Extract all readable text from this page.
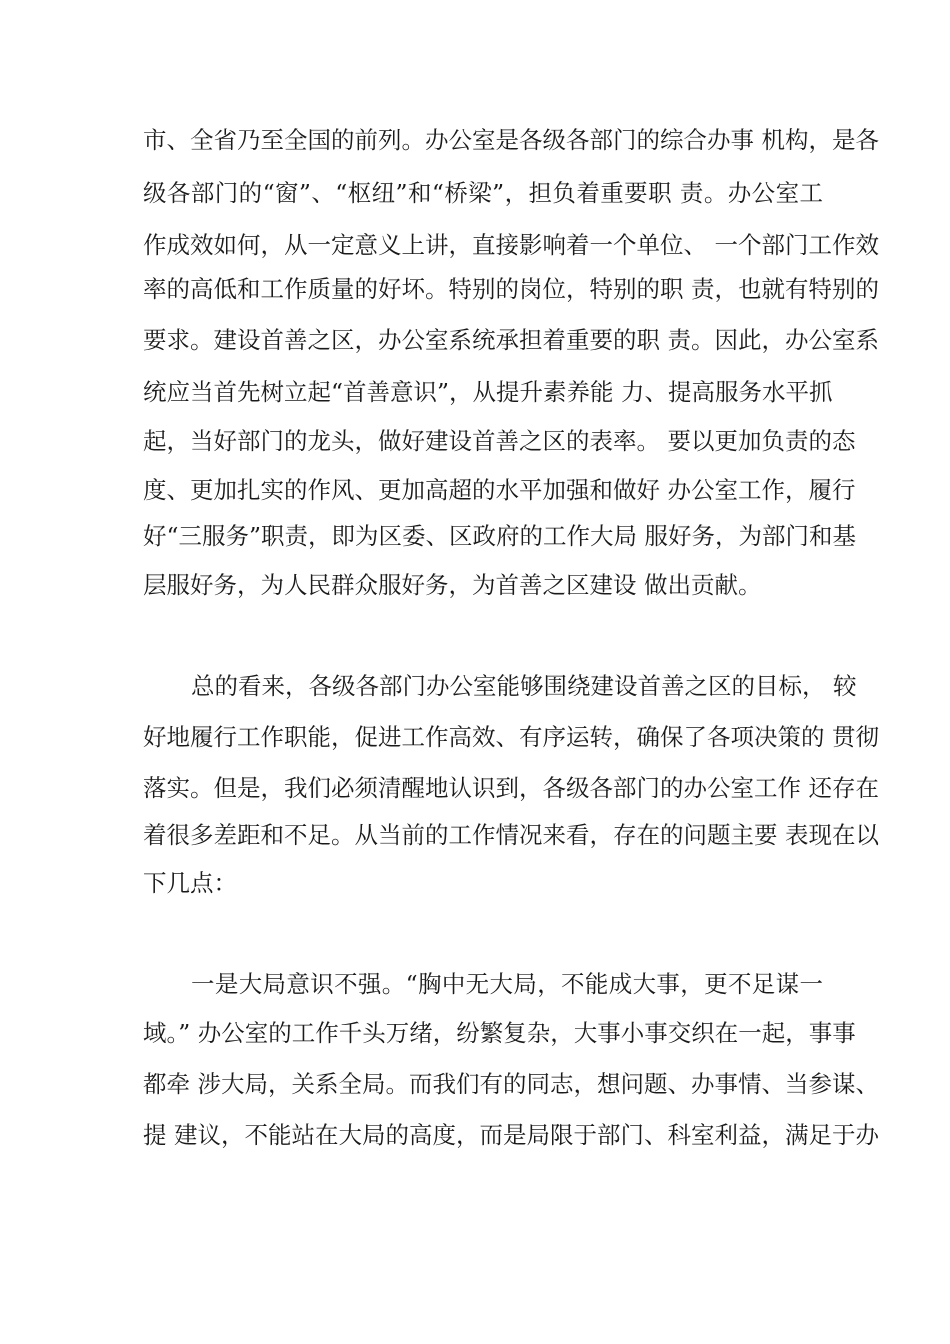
市、全省乃至全国的前列。办公室是各级各部门的综合办事 机构，是各
级各部门的“窗”、“枢纽”和“桥梁”，担负着重要职 责。办公室工
作成效如何，从一定意义上讲，直接影响着一个单位、 一个部门工作效
率的高低和工作质量的好坏。特别的岗位，特别的职 责，也就有特别的
要求。建设首善之区，办公室系统承担着重要的职 责。因此，办公室系
统应当首先树立起“首善意识”，从提升素养能 力、提高服务水平抓
起，当好部门的龙头，做好建设首善之区的表率。 要以更加负责的态
度、更加扎实的作风、更加高超的水平加强和做好 办公室工作，履行
好“三服务”职责，即为区委、区政府的工作大局 服好务，为部门和基
层服好务，为人民群众服好务，为首善之区建设 做出贡献。
总的看来，各级各部门办公室能够围绕建设首善之区的目标， 较
好地履行工作职能，促进工作高效、有序运转，确保了各项决策的 贯彻
落实。但是，我们必须清醒地认识到，各级各部门的办公室工作 还存在
着很多差距和不足。从当前的工作情况来看，存在的问题主要 表现在以
下几点：
一是大局意识不强。“胸中无大局，不能成大事，更不足谋一
域。” 办公室的工作千头万绪，纷繁复杂，大事小事交织在一起，事事
都牵 涉大局，关系全局。而我们有的同志，想问题、办事情、当参谋、
提 建议，不能站在大局的高度，而是局限于部门、科室利益，满足于办
